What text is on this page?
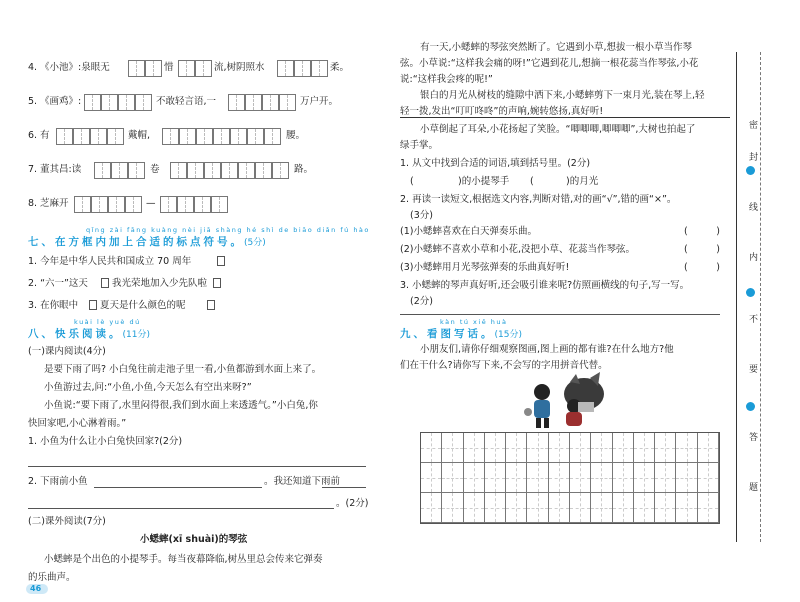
4. 《小池》:泉眼无	惜	流,树阴照水	柔。
5. 《画鸡》:	不敢轻言语,一	万户开。
6. 有	戴帽,	腰。
7. 董其昌:读	卷	路。
8. 芝麻开	—
qǐng zài fāng kuàng nèi jiā shàng hé shì de biāo diǎn fú hào
七、在方框内加上合适的标点符号。(5分)
1. 今年是中华人民共和国成立 70 周年
2. “六一”这天	我光荣地加入少先队啦
3. 在你眼中 夏天是什么颜色的呢
kuài lè yuè dú
八、快乐阅读。(11分)
(一)课内阅读(4分)
是要下雨了吗? 小白兔往前走池子里一看,小鱼都游到水面上来了。
小鱼游过去,问:“小鱼,小鱼,今天怎么有空出来呀?”
小鱼说:“要下雨了,水里闷得很,我们到水面上来透透气。”小白兔,你
快回家吧,小心淋着雨。”
1. 小鱼为什么让小白兔快回家?(2分)
2. 下雨前小鱼	。我还知道下雨前
。(2分)
(二)课外阅读(7分)
小蟋蟀(xī shuài)的琴弦
小蟋蟀是个出色的小提琴手。每当夜幕降临,树丛里总会传来它弹奏
的乐曲声。
46
有一天,小蟋蟀的琴弦突然断了。它遇到小草,想拔一根小草当作琴
弦。小草说:“这样我会痛的呀!”它遇到花儿,想摘一根花蕊当作琴弦,小花
说:“这样我会疼的呢!”
银白的月光从树枝的缝隙中洒下来,小蟋蟀剪下一束月光,装在琴上,轻
轻一拨,发出“叮叮咚咚”的声响,婉转悠扬,真好听!
小草倒起了耳朵,小花扬起了笑脸。“唧唧唧,唧唧唧”,大树也拍起了
绿手掌。
1. 从文中找到合适的词语,填到括号里。(2分)
(	)的小提琴手 (	)的月光
2. 再读一读短文,根据选文内容,判断对错,对的画“√”,错的画“×”。
(3分)
(1)小蟋蟀喜欢在白天弹奏乐曲。	(　　　)
(2)小蟋蟀不喜欢小草和小花,没把小草、花蕊当作琴弦。	(　　　)
(3)小蟋蟀用月光琴弦弹奏的乐曲真好听!	(　　　)
3. 小蟋蟀的琴声真好听,还会吸引谁来呢?仿照画横线的句子,写一写。
(2分)
kàn tú xiě huà
九、看图写话。(15分)
小朋友们,请你仔细观察图画,图上画的都有谁?在什么地方?他
们在干什么?请你写下来,不会写的字用拼音代替。
密
封
线
内
不
要
答
题
